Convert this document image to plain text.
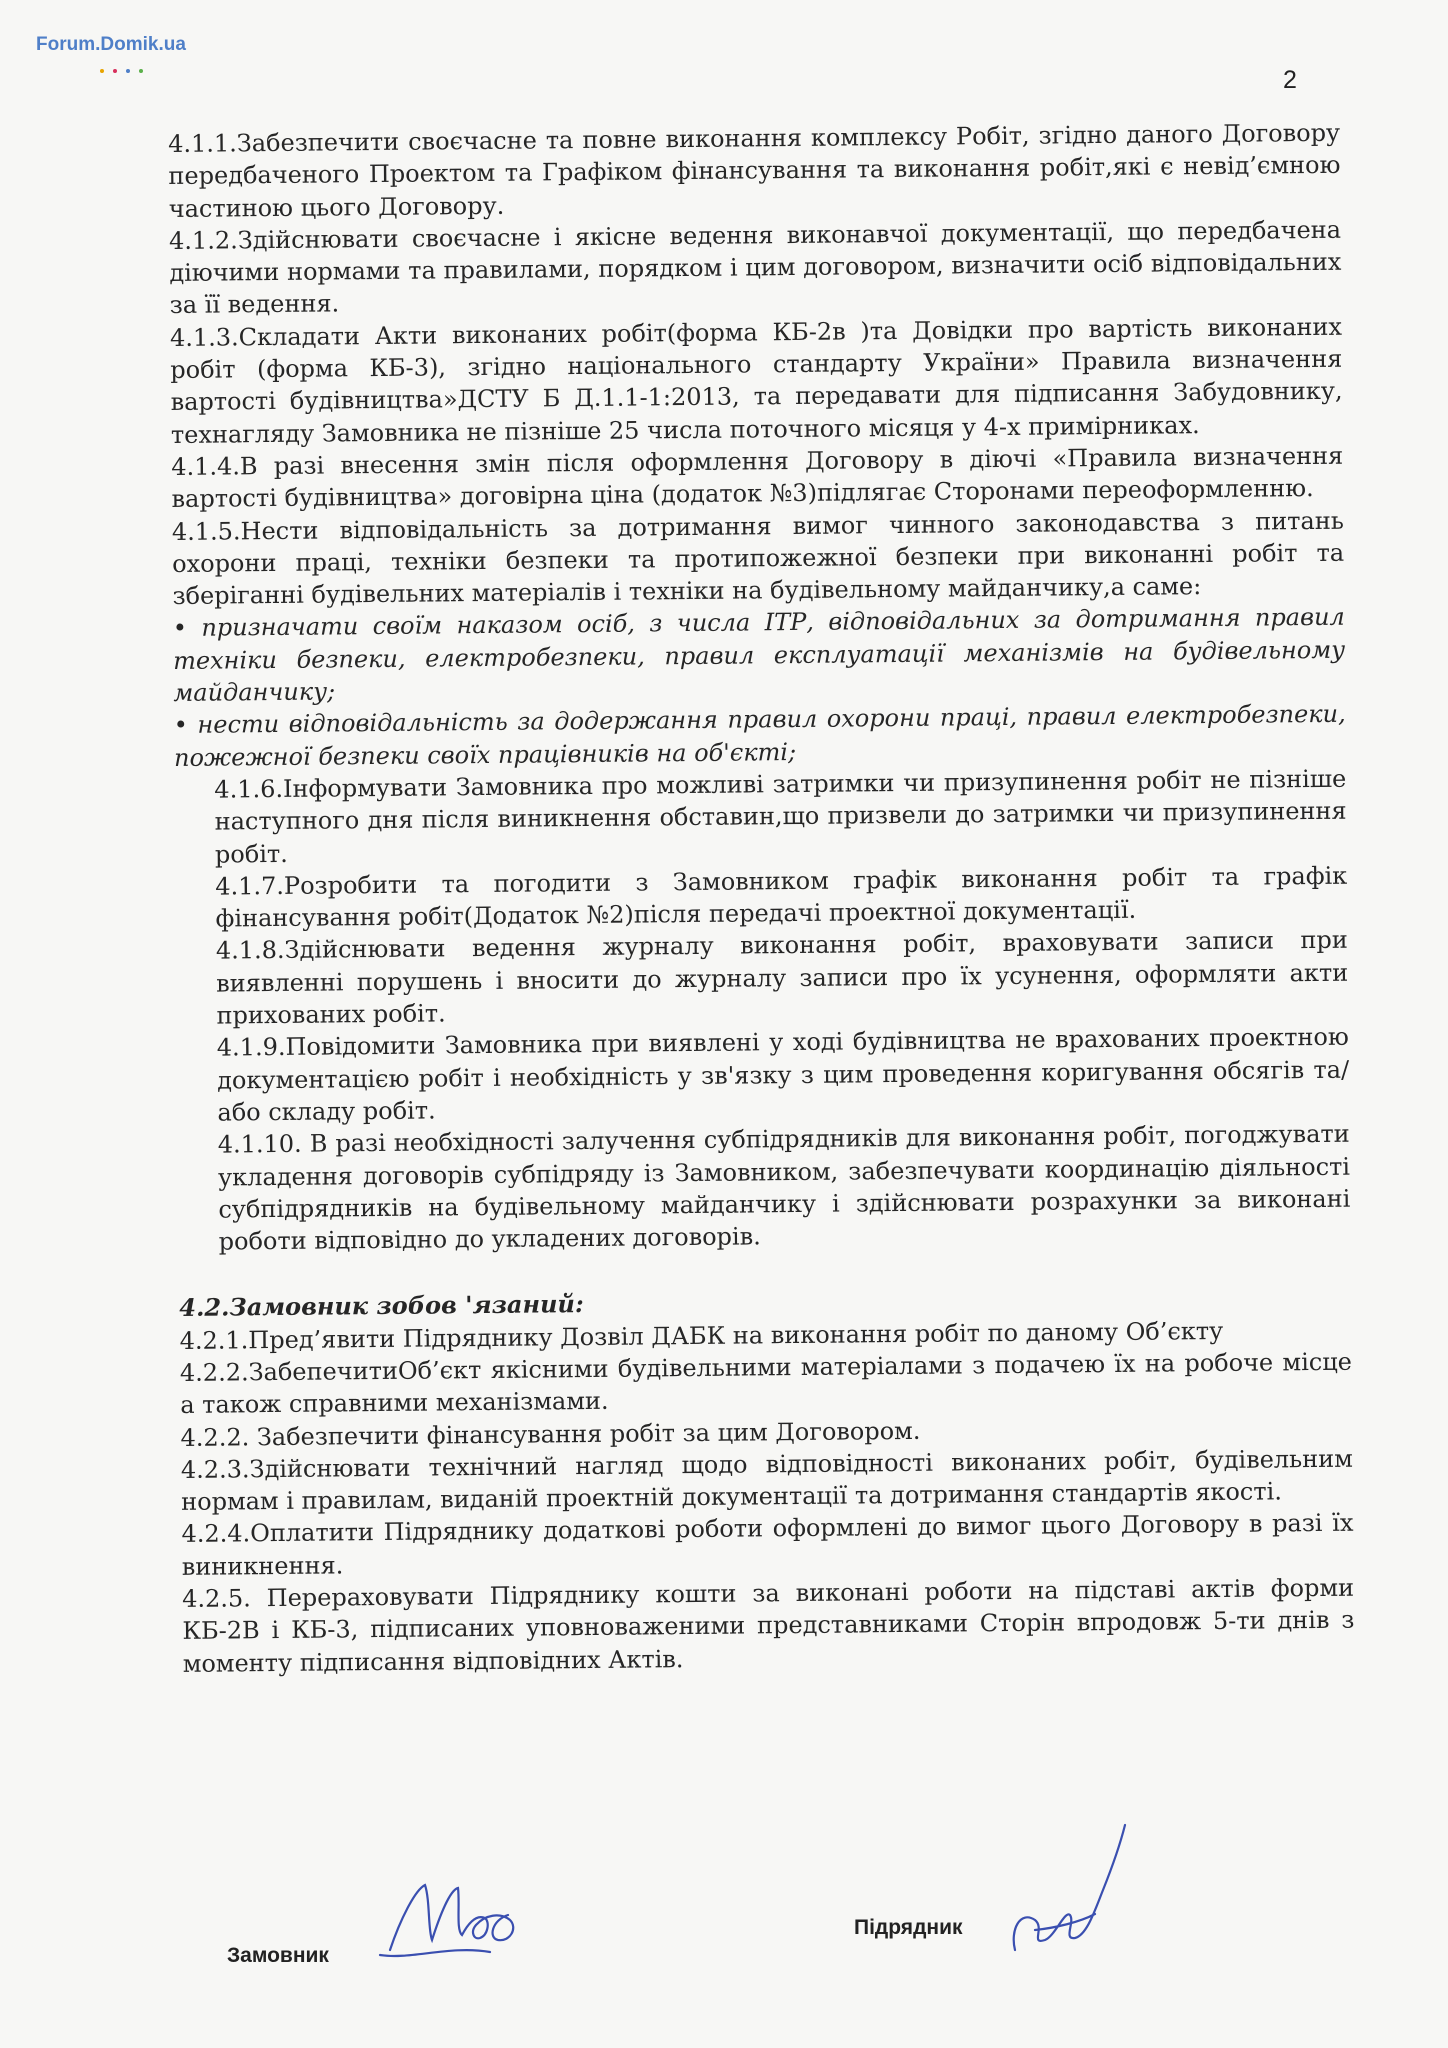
Forum.Domik.ua
2

4.1.1.Забезпечити своєчасне та повне виконання комплексу Робіт, згідно даного Договору передбаченого Проектом та Графіком фінансування та виконання робіт,які є невід’ємною частиною цього Договору.

4.1.2.Здійснювати своєчасне і якісне ведення виконавчої документації, що передбачена діючими нормами та правилами, порядком і цим договором, визначити осіб відповідальних за її ведення.

4.1.3.Складати Акти виконаних робіт(форма КБ-2в )та Довідки про вартість виконаних робіт (форма КБ-3), згідно національного стандарту України» Правила визначення вартості будівництва»ДСТУ Б Д.1.1-1:2013, та передавати для підписання Забудовнику, технагляду Замовника не пізніше 25 числа поточного місяця у 4-х примірниках.

4.1.4.В разі внесення змін після оформлення Договору в діючі «Правила визначення вартості будівництва» договірна ціна (додаток №3)підлягає Сторонами переоформленню.

4.1.5.Нести відповідальність за дотримання вимог чинного законодавства з питань охорони праці, техніки безпеки та протипожежної безпеки при виконанні робіт та зберіганні будівельних матеріалів і техніки на будівельному майданчику,а саме:

• призначати своїм наказом осіб, з числа ІТР, відповідальних за дотримання правил техніки безпеки, електробезпеки, правил експлуатації механізмів на будівельному майданчику;

• нести відповідальність за додержання правил охорони праці, правил електробезпеки, пожежної безпеки своїх працівників на об'єкті;

4.1.6.Інформувати Замовника про можливі затримки чи призупинення робіт не пізніше наступного дня після виникнення обставин,що призвели до затримки чи призупинення робіт.

4.1.7.Розробити та погодити з Замовником графік виконання робіт та графік фінансування робіт(Додаток №2)після передачі проектної документації.

4.1.8.Здійснювати ведення журналу виконання робіт, враховувати записи при виявленні порушень і вносити до журналу записи про їх усунення, оформляти акти прихованих робіт.

4.1.9.Повідомити Замовника при виявлені у ході будівництва не врахованих проектною документацією робіт і необхідність у зв'язку з цим проведення коригування обсягів та/або складу робіт.

4.1.10. В разі необхідності залучення субпідрядників для виконання робіт, погоджувати укладення договорів субпідряду із Замовником, забезпечувати координацію діяльності субпідрядників на будівельному майданчику і здійснювати розрахунки за виконані роботи відповідно до укладених договорів.

4.2.Замовник зобов 'язаний:

4.2.1.Пред’явити Підряднику Дозвіл ДАБК на виконання робіт по даному Об’єкту

4.2.2.ЗабепечитиОб’єкт якісними будівельними матеріалами з подачею їх на робоче місце а також справними механізмами.

4.2.2. Забезпечити фінансування робіт за цим Договором.

4.2.3.Здійснювати технічний нагляд щодо відповідності виконаних робіт, будівельним нормам і правилам, виданій проектній документації та дотримання стандартів якості.

4.2.4.Оплатити Підряднику додаткові роботи оформлені до вимог цього Договору в разі їх виникнення.

4.2.5. Перераховувати Підряднику кошти за виконані роботи на підставі актів форми КБ-2В і КБ-3, підписаних уповноваженими представниками Сторін впродовж 5-ти днів з моменту підписання відповідних Актів.

Замовник
Підрядник
